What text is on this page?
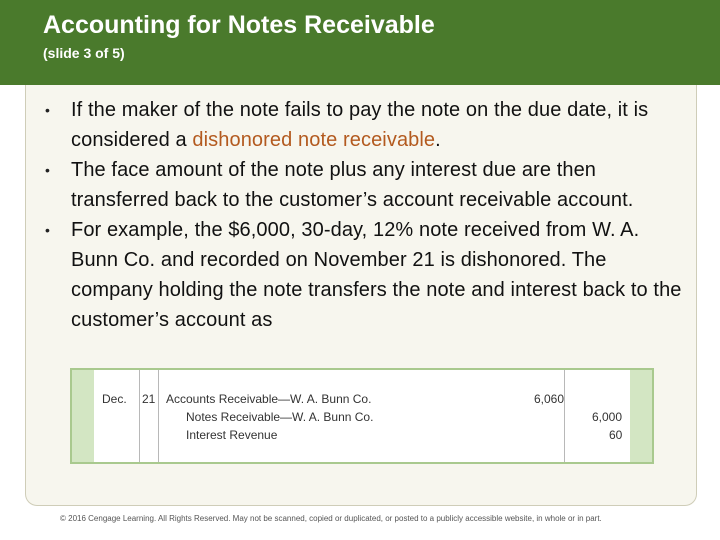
Accounting for Notes Receivable
(slide 3 of 5)
• If the maker of the note fails to pay the note on the due date, it is considered a dishonored note receivable.
• The face amount of the note plus any interest due are then transferred back to the customer’s account receivable account.
• For example, the $6,000, 30-day, 12% note received from W. A. Bunn Co. and recorded on November 21 is dishonored. The company holding the note transfers the note and interest back to the customer’s account as
Dec. 21 Accounts Receivable—W. A. Bunn Co.
Notes Receivable—W. A. Bunn Co.
Interest Revenue
6,060
6,000
60
© 2016 Cengage Learning. All Rights Reserved. May not be scanned, copied or duplicated, or posted to a publicly accessible website, in whole or in part.
